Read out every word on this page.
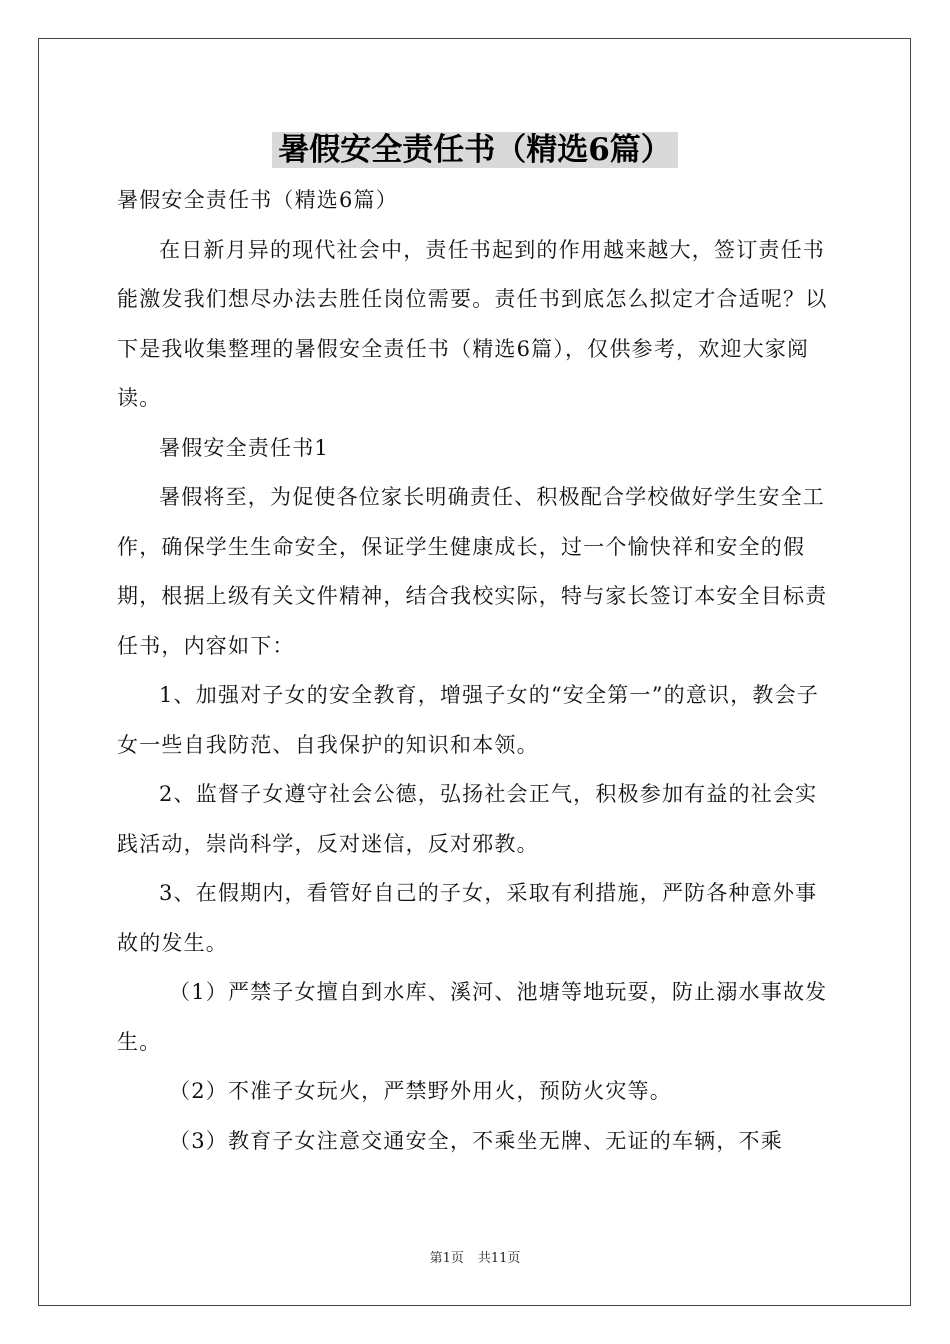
暑假安全责任书（精选6篇）

暑假安全责任书（精选6篇）

在日新月异的现代社会中，责任书起到的作用越来越大，签订责任书能激发我们想尽办法去胜任岗位需要。责任书到底怎么拟定才合适呢？以下是我收集整理的暑假安全责任书（精选6篇），仅供参考，欢迎大家阅读。

暑假安全责任书1

暑假将至，为促使各位家长明确责任、积极配合学校做好学生安全工作，确保学生生命安全，保证学生健康成长，过一个愉快祥和安全的假期，根据上级有关文件精神，结合我校实际，特与家长签订本安全目标责任书，内容如下：

1、加强对子女的安全教育，增强子女的“安全第一”的意识，教会子女一些自我防范、自我保护的知识和本领。

2、监督子女遵守社会公德，弘扬社会正气，积极参加有益的社会实践活动，崇尚科学，反对迷信，反对邪教。

3、在假期内，看管好自己的子女，采取有利措施，严防各种意外事故的发生。

（1）严禁子女擅自到水库、溪河、池塘等地玩耍，防止溺水事故发生。

（2）不准子女玩火，严禁野外用火，预防火灾等。

（3）教育子女注意交通安全，不乘坐无牌、无证的车辆，不乘

第1页 共11页
